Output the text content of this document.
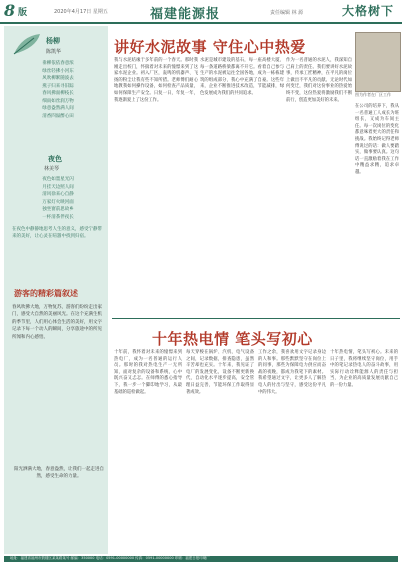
8 版	2020年4月17日 星期五	福建能源报	责任编辑 林 源	大格树下
杨柳
陈凯华
垂柳依依春意浓
绿丝轻拂小河东
风吹柳絮随波去
燕子归来寻旧踪
春风拂面柳枝长
细雨如丝润万物
绿意盎然满人间
清香四溢醉心田
夜色
林美琴
夜色如墨星光闪
月挂天边照人间
清风徐来心自静
万家灯火映河面
独坐窗前思故乡
一杯清茶伴夜长
在夜色中静静地思考人生的意义，感受宁静带来的美好，让心灵在喧嚣中找到归宿。
游客的精彩篇叙述
春风吹拂大地，万物复苏，游客们纷纷走出家门，感受大自然的美丽风光。在这个充满生机的季节里，人们用心体会生活的美好，用文字记录下每一个动人的瞬间，分享旅途中的所见所闻和内心感悟。
阳光洒满大地，春意盎然，让我们一起走进自然，感受生命的力量。
讲好水泥故事 守住心中热爱
我与水泥结缘于多年前的一个春天。那时我刚走出校门，怀揣着对未来的憧憬来到了这家水泥企业。初入厂区，轰鸣的机器声、飞扬的粉尘让我有些不知所措。老师傅们耐心地教我如何操作设备，如何检查产品质量，如何保障生产安全。日复一日，年复一年，我逐渐爱上了这份工作。
水泥是城市建设的基石，每一座高楼大厦、每一条道路桥梁都离不开它。看着自己参与生产的水泥被运往全国各地，成为一栋栋建筑的组成部分，我心中充满了自豪。这些年来，企业不断推进技术改造，节能减排，绿色发展成为我们的共同追求。
作为一名普通的水泥人，我深知自己肩上的责任。我们要讲好水泥故事，传承工匠精神，在平凡的岗位上做出不平凡的贡献。无论时代如何变迁，我们对这份事业的热爱始终不变，这份热爱将激励我们不断前行，创造更加美好的未来。
图为作者在厂区工作
在公司的培养下，我从一名普通工人成长为班组长，又成为车间主任。每一次岗位的变化都意味着更大的责任和挑战。我始终记得老师傅说过的话：做人要踏实，做事要认真。这句话一直激励着我在工作中精益求精，追求卓越。
十年热电情 笔头写初心
十年前，我怀着对未来的憧憬来到热电厂，成为一名普通的运行人员。那时的我对热电生产一无所知，面对复杂的设备和系统，心中既兴奋又忐忑。在师傅的悉心指导下，我一步一个脚印地学习，从最基础的巡检做起。
每天穿梭在锅炉、汽机、电气设备之间，记录数据，排查隐患，虽然辛苦却也充实。十年来，我见证了电厂的发展变化，设备不断更新换代，自动化水平逐步提高，安全管理日益完善，节能环保工作取得显著成效。
工作之余，我喜欢用文字记录身边的人和事。那些默默坚守在岗位上的同事，那些为保障电力供应而奋战的夜晚，都成为我笔下的素材。我希望通过文字，让更多人了解热电人的付出与坚守，感受这份平凡中的伟大。
十年热电情，笔头写初心。未来的日子里，我将继续坚守岗位，用手中的笔记录热电人的奋斗故事，用实际行动诠释能源人的责任与担当，为企业的高质量发展贡献自己的一份力量。
地址：福建省福州市鼓楼区某某路某号 邮编：350000 电话：0591-00000000 传真：0591-00000000 印刷：福建日报印刷厂
